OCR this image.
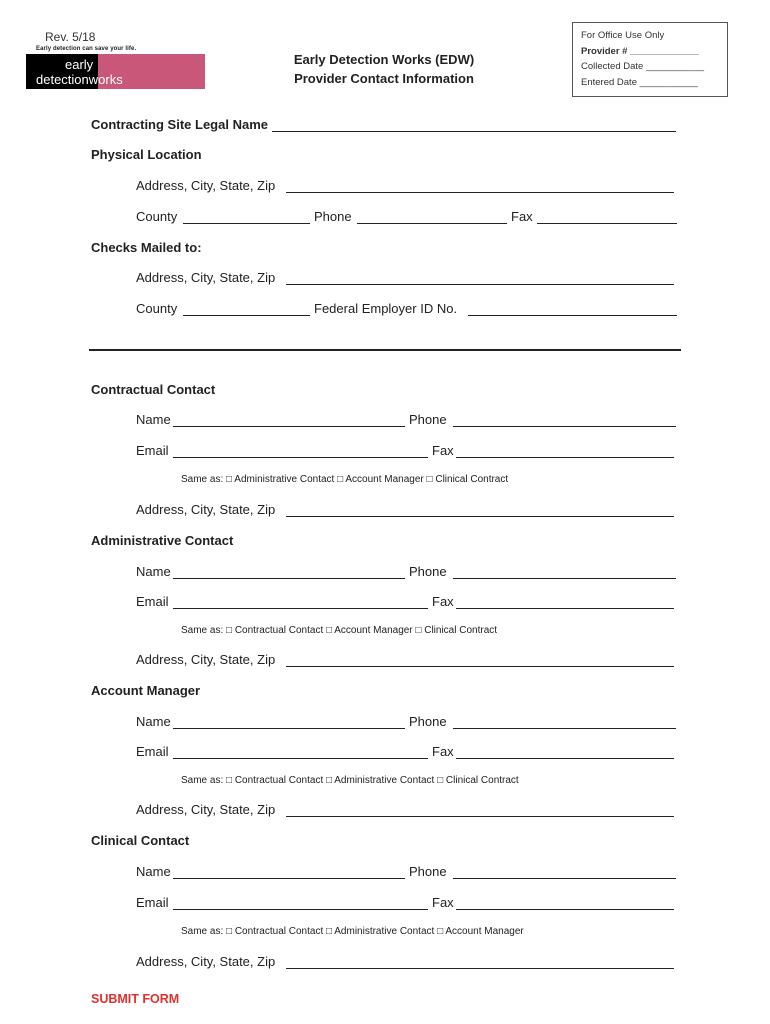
Rev. 5/18
Early detection can save your life.
early
detectionworks
Early Detection Works (EDW)
Provider Contact Information
For Office Use Only
Provider # _____________
Collected Date ___________
Entered Date ___________
Contracting Site Legal Name
Physical Location
Address, City, State, Zip
County	Phone	Fax
Checks Mailed to:
Address, City, State, Zip
County	Federal Employer ID No.
Contractual Contact
Name	Phone
Email	Fax
Same as: □ Administrative Contact □ Account Manager □ Clinical Contract
Address, City, State, Zip
Administrative Contact
Name	Phone
Email	Fax
Same as: □ Contractual Contact □ Account Manager □ Clinical Contract
Address, City, State, Zip
Account Manager
Name	Phone
Email	Fax
Same as: □ Contractual Contact □ Administrative Contact □ Clinical Contract
Address, City, State, Zip
Clinical Contact
Name	Phone
Email	Fax
Same as: □ Contractual Contact □ Administrative Contact □ Account Manager
Address, City, State, Zip
SUBMIT FORM
